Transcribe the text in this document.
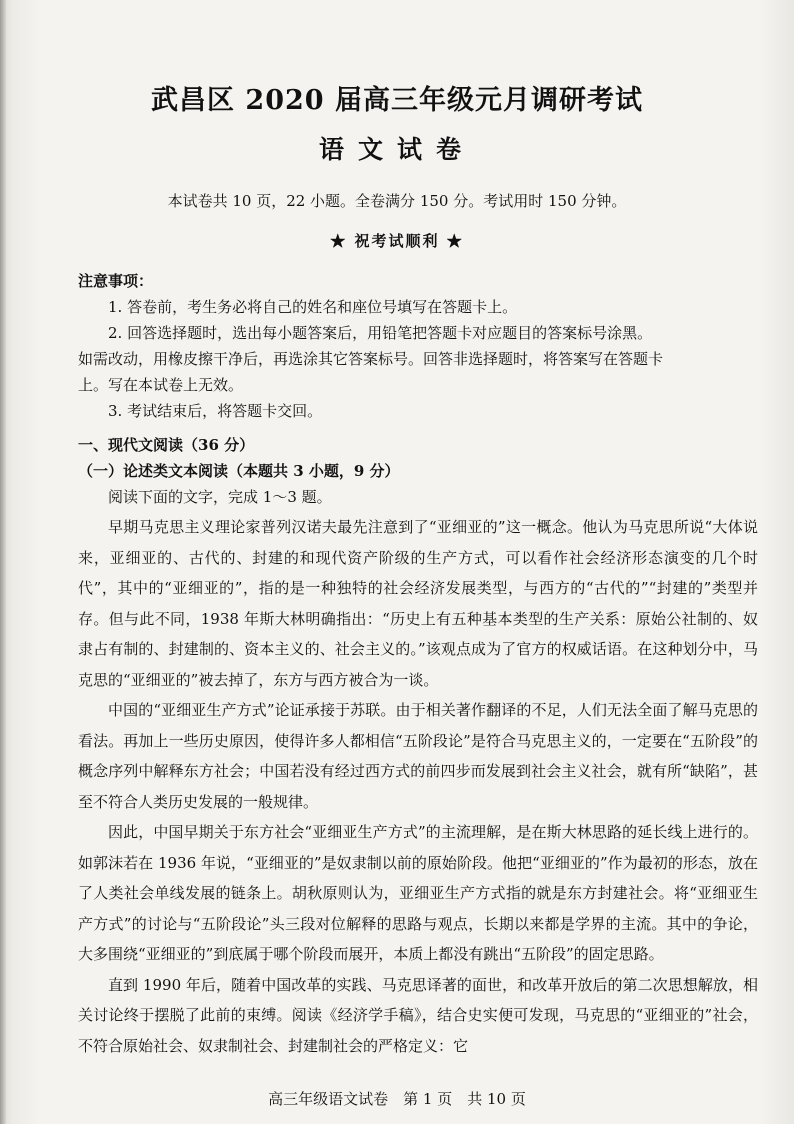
武昌区 2020 届高三年级元月调研考试
语文试卷
本试卷共 10 页，22 小题。全卷满分 150 分。考试用时 150 分钟。
★ 祝考试顺利 ★
注意事项：
1. 答卷前，考生务必将自己的姓名和座位号填写在答题卡上。
2. 回答选择题时，选出每小题答案后，用铅笔把答题卡对应题目的答案标号涂黑。
如需改动，用橡皮擦干净后，再选涂其它答案标号。回答非选择题时，将答案写在答题卡
上。写在本试卷上无效。
3. 考试结束后，将答题卡交回。
一、现代文阅读（36 分）
（一）论述类文本阅读（本题共 3 小题，9 分）
阅读下面的文字，完成 1～3 题。

早期马克思主义理论家普列汉诺夫最先注意到了“亚细亚的”这一概念。他认为马克思所说“大体说来，亚细亚的、古代的、封建的和现代资产阶级的生产方式，可以看作社会经济形态演变的几个时代”，其中的“亚细亚的”，指的是一种独特的社会经济发展类型，与西方的“古代的”“封建的”类型并存。但与此不同，1938 年斯大林明确指出：“历史上有五种基本类型的生产关系：原始公社制的、奴隶占有制的、封建制的、资本主义的、社会主义的。”该观点成为了官方的权威话语。在这种划分中，马克思的“亚细亚的”被去掉了，东方与西方被合为一谈。

中国的“亚细亚生产方式”论证承接于苏联。由于相关著作翻译的不足，人们无法全面了解马克思的看法。再加上一些历史原因，使得许多人都相信“五阶段论”是符合马克思主义的，一定要在“五阶段”的概念序列中解释东方社会；中国若没有经过西方式的前四步而发展到社会主义社会，就有所“缺陷”，甚至不符合人类历史发展的一般规律。

因此，中国早期关于东方社会“亚细亚生产方式”的主流理解，是在斯大林思路的延长线上进行的。如郭沫若在 1936 年说，“亚细亚的”是奴隶制以前的原始阶段。他把“亚细亚的”作为最初的形态，放在了人类社会单线发展的链条上。胡秋原则认为，亚细亚生产方式指的就是东方封建社会。将“亚细亚生产方式”的讨论与“五阶段论”头三段对位解释的思路与观点，长期以来都是学界的主流。其中的争论，大多围绕“亚细亚的”到底属于哪个阶段而展开，本质上都没有跳出“五阶段”的固定思路。

直到 1990 年后，随着中国改革的实践、马克思译著的面世，和改革开放后的第二次思想解放，相关讨论终于摆脱了此前的束缚。阅读《经济学手稿》，结合史实便可发现，马克思的“亚细亚的”社会，不符合原始社会、奴隶制社会、封建制社会的严格定义：它

高三年级语文试卷　第 1 页　共 10 页
